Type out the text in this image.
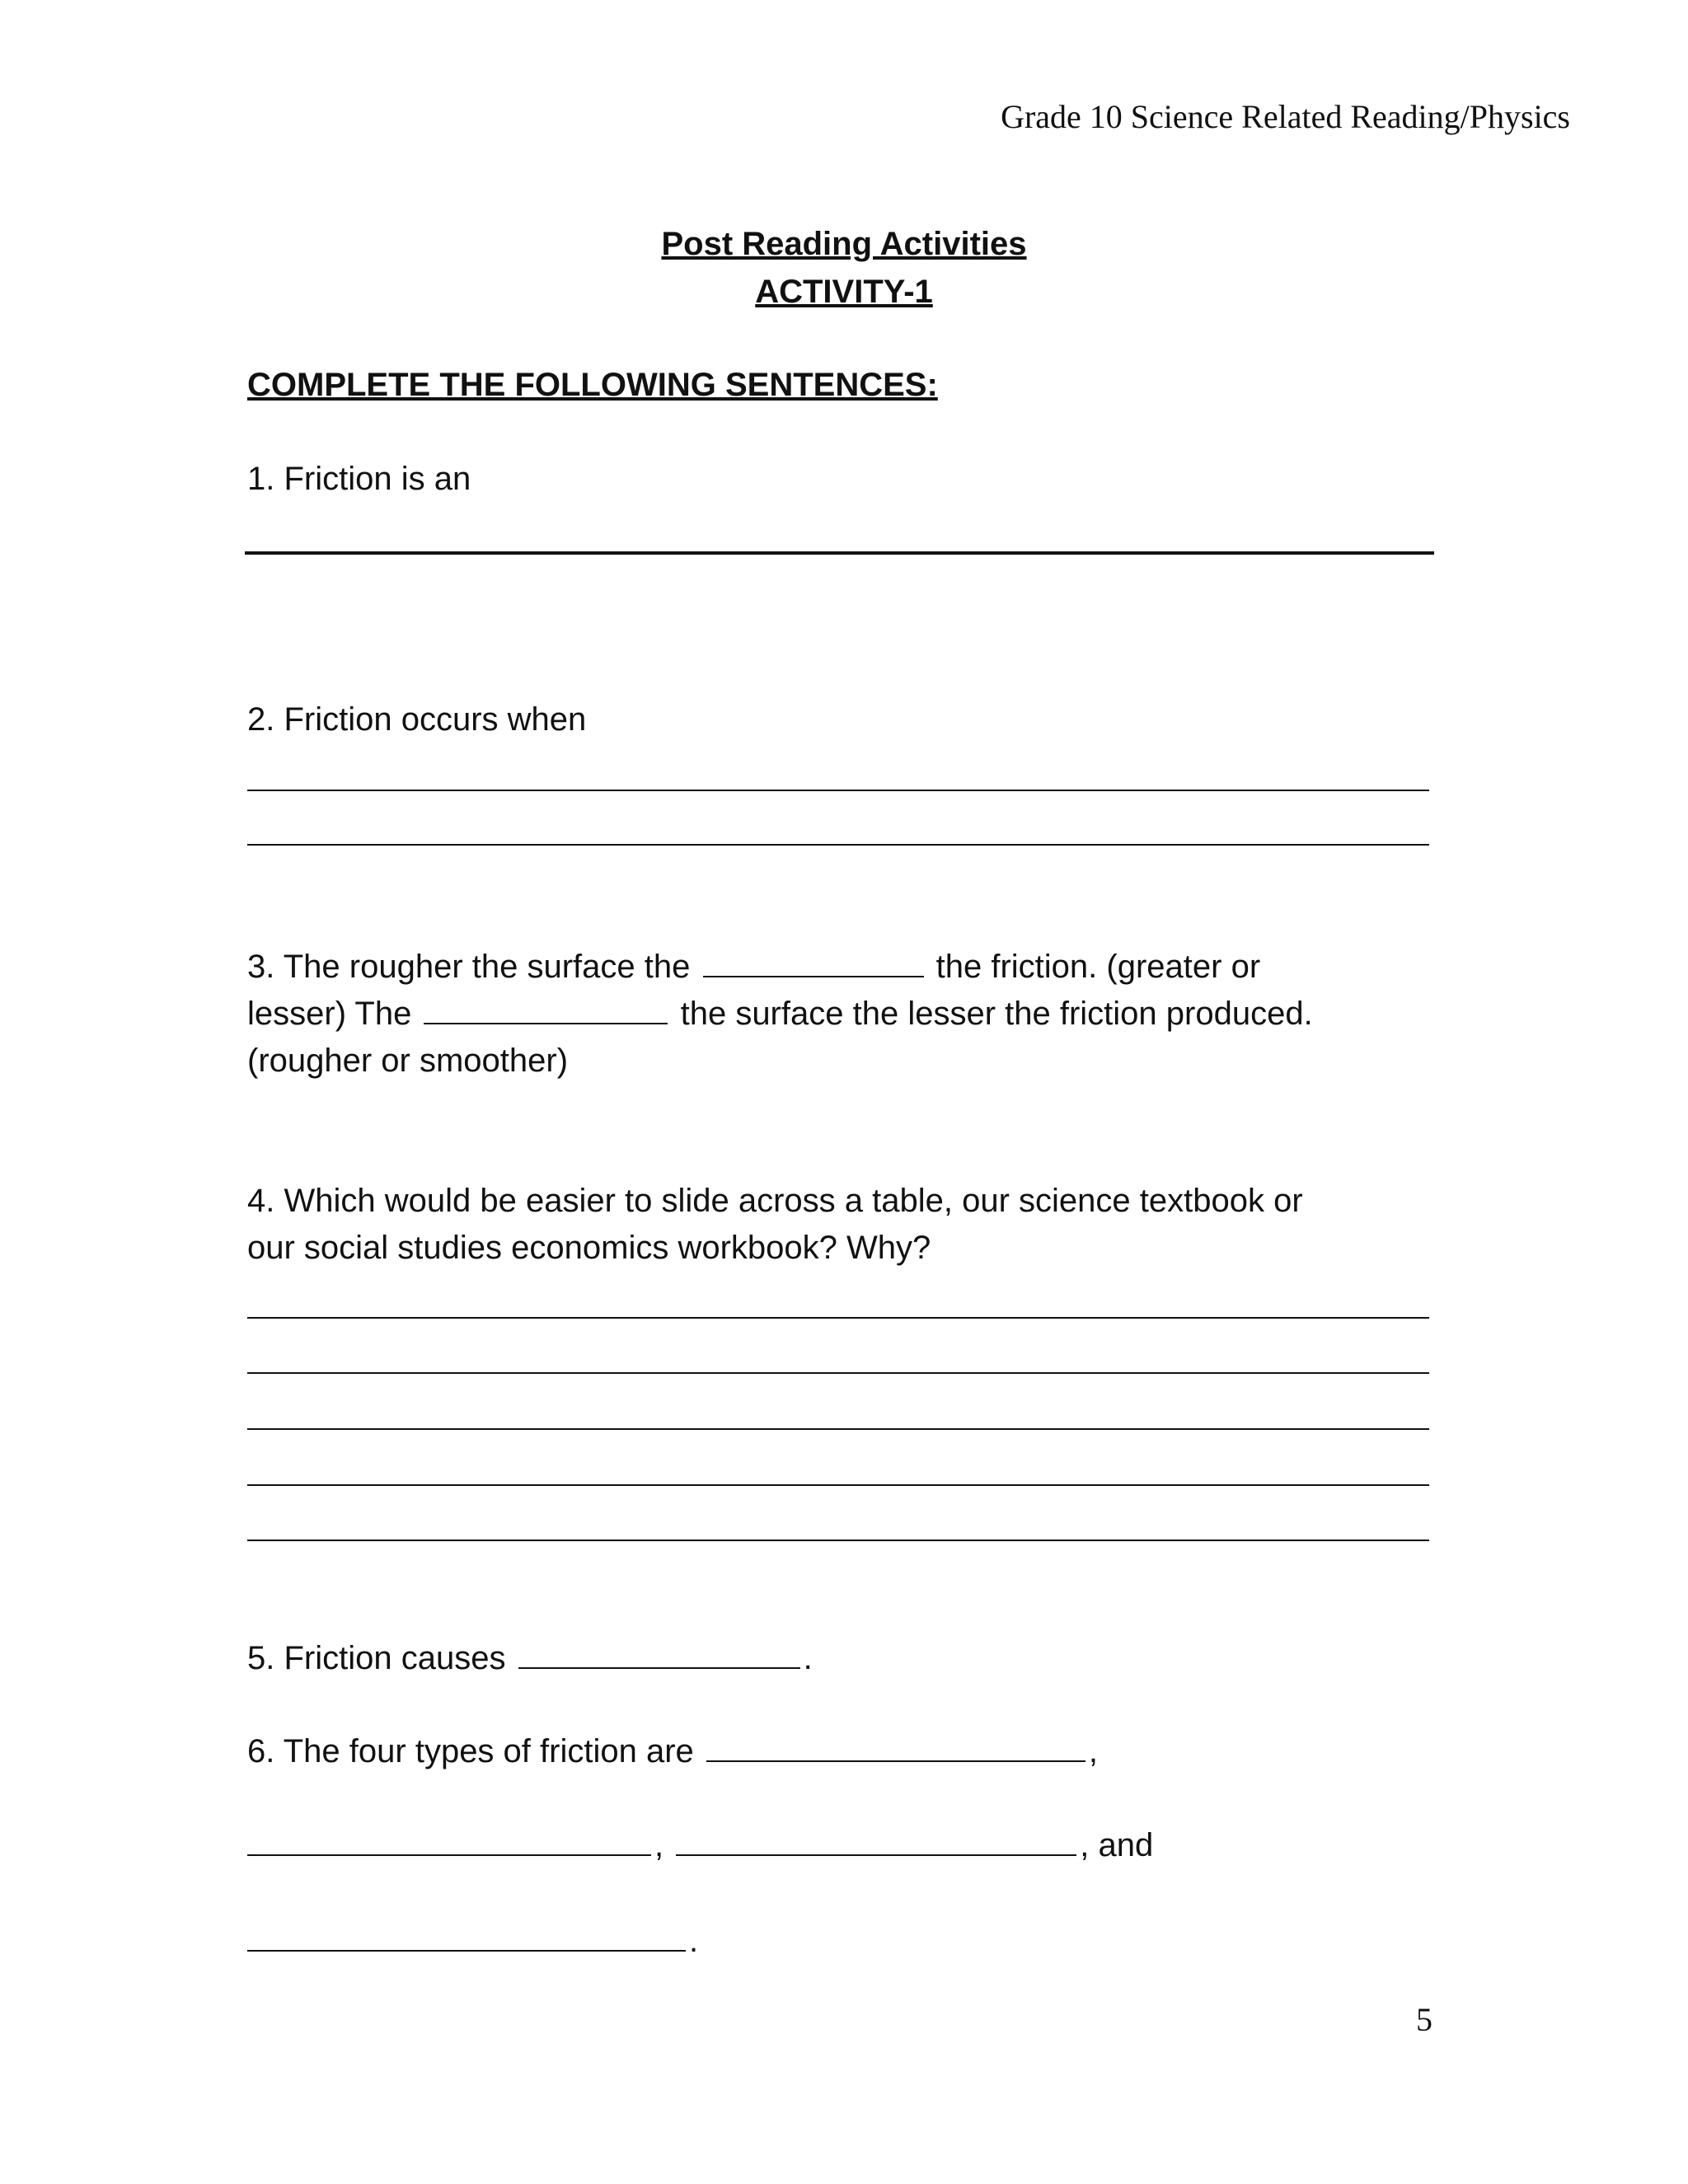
Grade 10 Science Related Reading/Physics
Post Reading Activities
ACTIVITY-1
COMPLETE THE FOLLOWING SENTENCES:
1. Friction is an
2. Friction occurs when
3. The rougher the surface the	the friction. (greater or
lesser) The	the surface the lesser the friction produced.
(rougher or smoother)
4. Which would be easier to slide across a table, our science textbook or
our social studies economics workbook? Why?
5. Friction causes	.
6. The four types of friction are	,
,	, and
.
5
